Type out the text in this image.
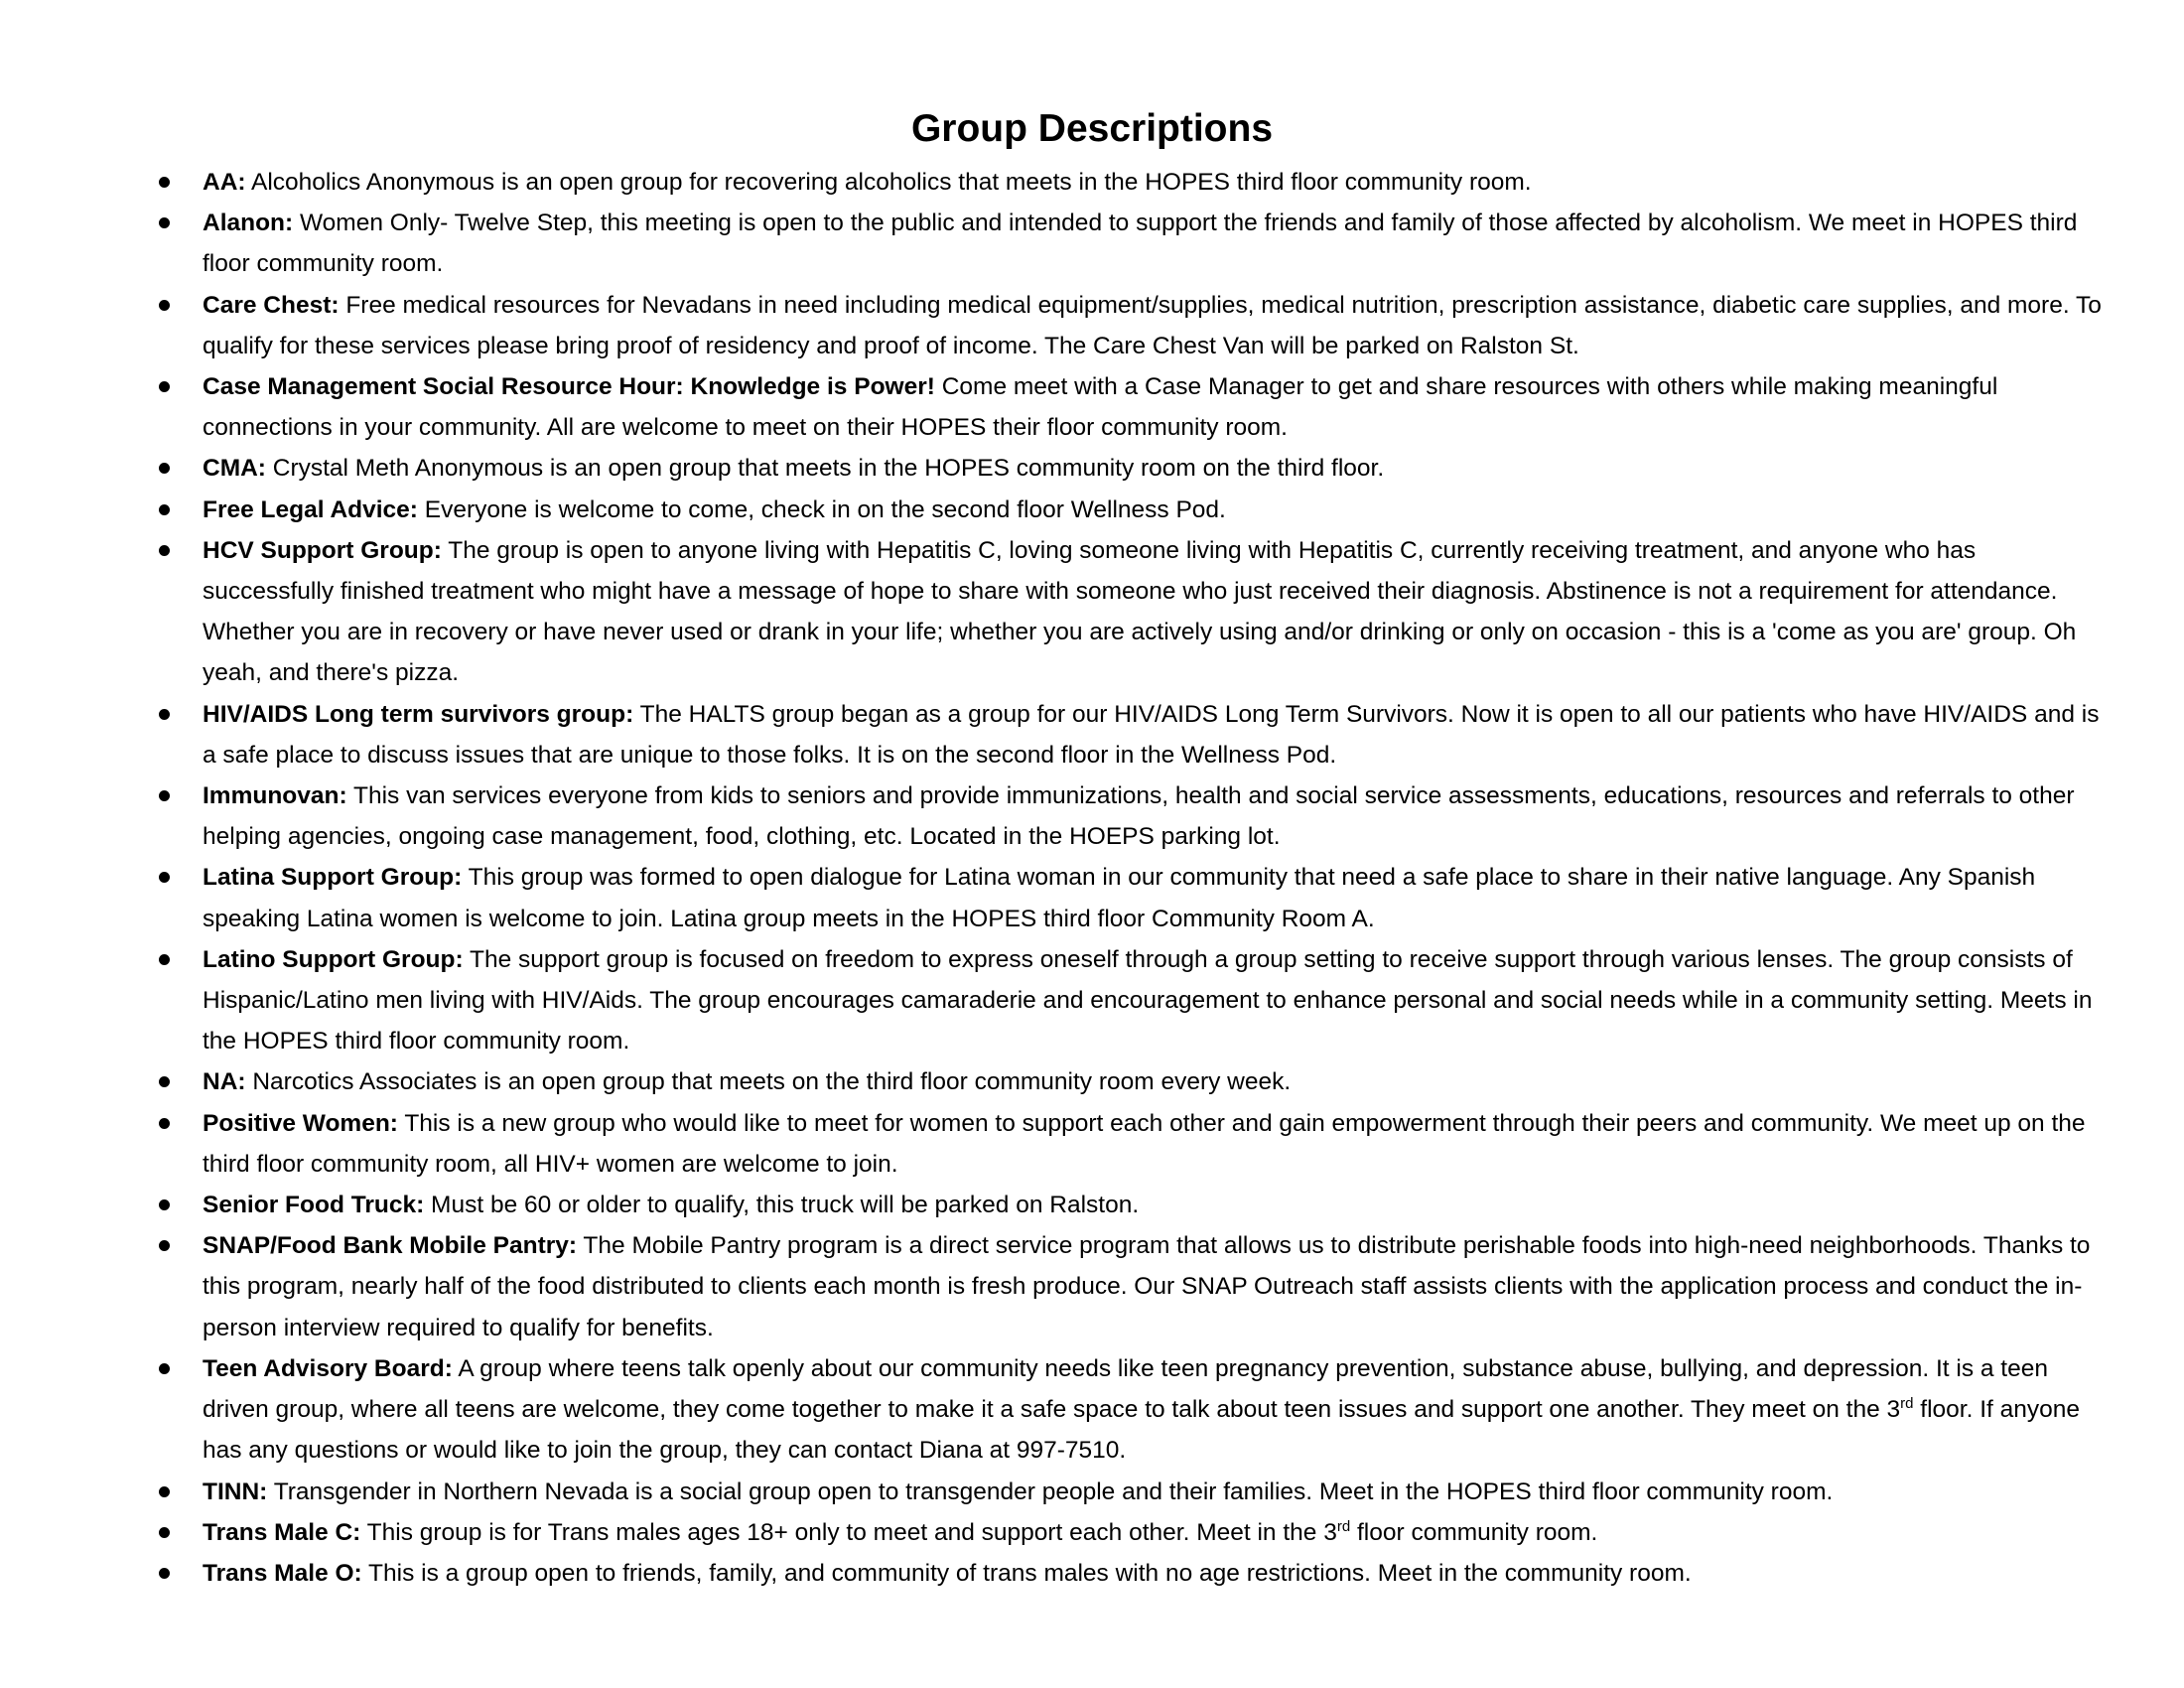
Group Descriptions
AA: Alcoholics Anonymous is an open group for recovering alcoholics that meets in the HOPES third floor community room.
Alanon: Women Only- Twelve Step, this meeting is open to the public and intended to support the friends and family of those affected by alcoholism. We meet in HOPES third floor community room.
Care Chest: Free medical resources for Nevadans in need including medical equipment/supplies, medical nutrition, prescription assistance, diabetic care supplies, and more. To qualify for these services please bring proof of residency and proof of income. The Care Chest Van will be parked on Ralston St.
Case Management Social Resource Hour: Knowledge is Power! Come meet with a Case Manager to get and share resources with others while making meaningful connections in your community. All are welcome to meet on their HOPES their floor community room.
CMA: Crystal Meth Anonymous is an open group that meets in the HOPES community room on the third floor.
Free Legal Advice: Everyone is welcome to come, check in on the second floor Wellness Pod.
HCV Support Group: The group is open to anyone living with Hepatitis C, loving someone living with Hepatitis C, currently receiving treatment, and anyone who has successfully finished treatment who might have a message of hope to share with someone who just received their diagnosis. Abstinence is not a requirement for attendance. Whether you are in recovery or have never used or drank in your life; whether you are actively using and/or drinking or only on occasion - this is a 'come as you are' group. Oh yeah, and there's pizza.
HIV/AIDS Long term survivors group: The HALTS group began as a group for our HIV/AIDS Long Term Survivors. Now it is open to all our patients who have HIV/AIDS and is a safe place to discuss issues that are unique to those folks. It is on the second floor in the Wellness Pod.
Immunovan: This van services everyone from kids to seniors and provide immunizations, health and social service assessments, educations, resources and referrals to other helping agencies, ongoing case management, food, clothing, etc. Located in the HOEPS parking lot.
Latina Support Group: This group was formed to open dialogue for Latina woman in our community that need a safe place to share in their native language. Any Spanish speaking Latina women is welcome to join. Latina group meets in the HOPES third floor Community Room A.
Latino Support Group: The support group is focused on freedom to express oneself through a group setting to receive support through various lenses. The group consists of Hispanic/Latino men living with HIV/Aids. The group encourages camaraderie and encouragement to enhance personal and social needs while in a community setting. Meets in the HOPES third floor community room.
NA: Narcotics Associates is an open group that meets on the third floor community room every week.
Positive Women: This is a new group who would like to meet for women to support each other and gain empowerment through their peers and community. We meet up on the third floor community room, all HIV+ women are welcome to join.
Senior Food Truck: Must be 60 or older to qualify, this truck will be parked on Ralston.
SNAP/Food Bank Mobile Pantry: The Mobile Pantry program is a direct service program that allows us to distribute perishable foods into high-need neighborhoods. Thanks to this program, nearly half of the food distributed to clients each month is fresh produce. Our SNAP Outreach staff assists clients with the application process and conduct the in-person interview required to qualify for benefits.
Teen Advisory Board: A group where teens talk openly about our community needs like teen pregnancy prevention, substance abuse, bullying, and depression. It is a teen driven group, where all teens are welcome, they come together to make it a safe space to talk about teen issues and support one another. They meet on the 3rd floor. If anyone has any questions or would like to join the group, they can contact Diana at 997-7510.
TINN: Transgender in Northern Nevada is a social group open to transgender people and their families. Meet in the HOPES third floor community room.
Trans Male C: This group is for Trans males ages 18+ only to meet and support each other. Meet in the 3rd floor community room.
Trans Male O: This is a group open to friends, family, and community of trans males with no age restrictions. Meet in the community room.
